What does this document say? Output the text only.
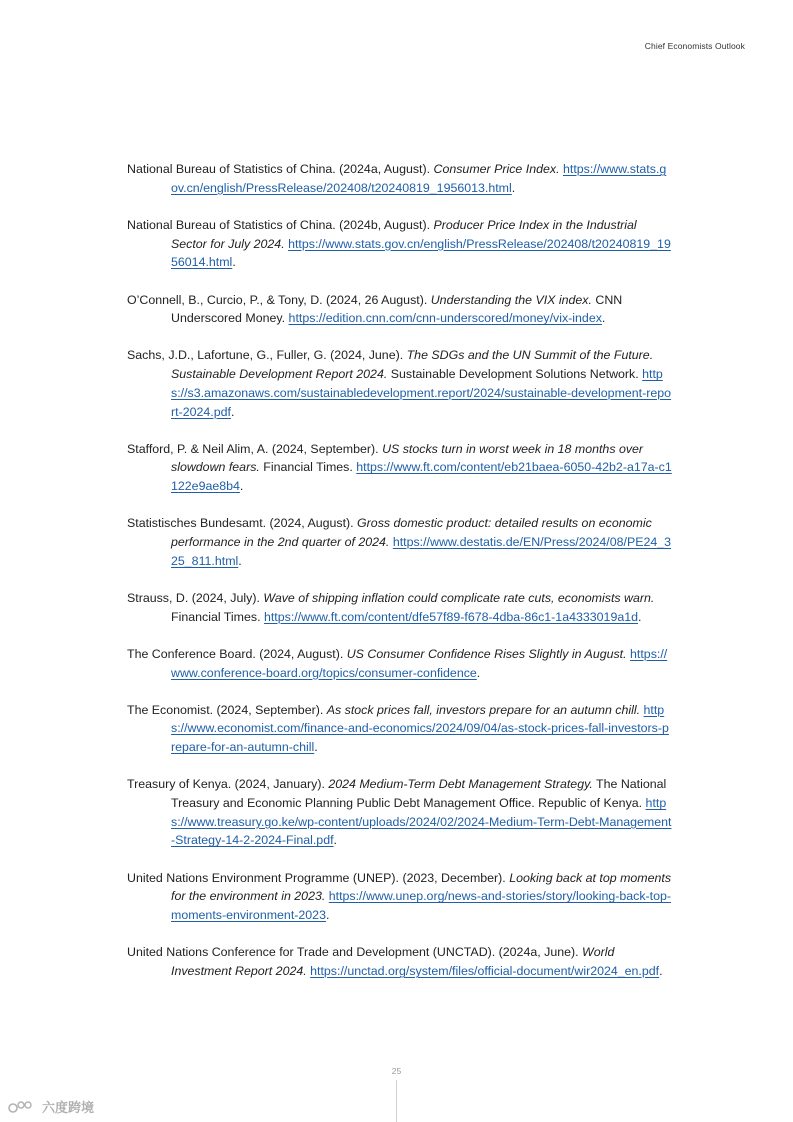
Chief Economists Outlook

National Bureau of Statistics of China. (2024a, August). Consumer Price Index. https://www.stats.gov.cn/english/PressRelease/202408/t20240819_1956013.html.

National Bureau of Statistics of China. (2024b, August). Producer Price Index in the Industrial Sector for July 2024. https://www.stats.gov.cn/english/PressRelease/202408/t20240819_1956014.html.

O’Connell, B., Curcio, P., & Tony, D. (2024, 26 August). Understanding the VIX index. CNN Underscored Money. https://edition.cnn.com/cnn-underscored/money/vix-index.

Sachs, J.D., Lafortune, G., Fuller, G. (2024, June). The SDGs and the UN Summit of the Future. Sustainable Development Report 2024. Sustainable Development Solutions Network. https://s3.amazonaws.com/sustainabledevelopment.report/2024/sustainable-development-report-2024.pdf.

Stafford, P. & Neil Alim, A. (2024, September). US stocks turn in worst week in 18 months over slowdown fears. Financial Times. https://www.ft.com/content/eb21baea-6050-42b2-a17a-c1122e9ae8b4.

Statistisches Bundesamt. (2024, August). Gross domestic product: detailed results on economic performance in the 2nd quarter of 2024. https://www.destatis.de/EN/Press/2024/08/PE24_325_811.html.

Strauss, D. (2024, July). Wave of shipping inflation could complicate rate cuts, economists warn. Financial Times. https://www.ft.com/content/dfe57f89-f678-4dba-86c1-1a4333019a1d.

The Conference Board. (2024, August). US Consumer Confidence Rises Slightly in August. https://www.conference-board.org/topics/consumer-confidence.

The Economist. (2024, September). As stock prices fall, investors prepare for an autumn chill. https://www.economist.com/finance-and-economics/2024/09/04/as-stock-prices-fall-investors-prepare-for-an-autumn-chill.

Treasury of Kenya. (2024, January). 2024 Medium-Term Debt Management Strategy. The National Treasury and Economic Planning Public Debt Management Office. Republic of Kenya. https://www.treasury.go.ke/wp-content/uploads/2024/02/2024-Medium-Term-Debt-Management-Strategy-14-2-2024-Final.pdf.

United Nations Environment Programme (UNEP). (2023, December). Looking back at top moments for the environment in 2023. https://www.unep.org/news-and-stories/story/looking-back-top-moments-environment-2023.

United Nations Conference for Trade and Development (UNCTAD). (2024a, June). World Investment Report 2024. https://unctad.org/system/files/official-document/wir2024_en.pdf.

25
六度跨境
